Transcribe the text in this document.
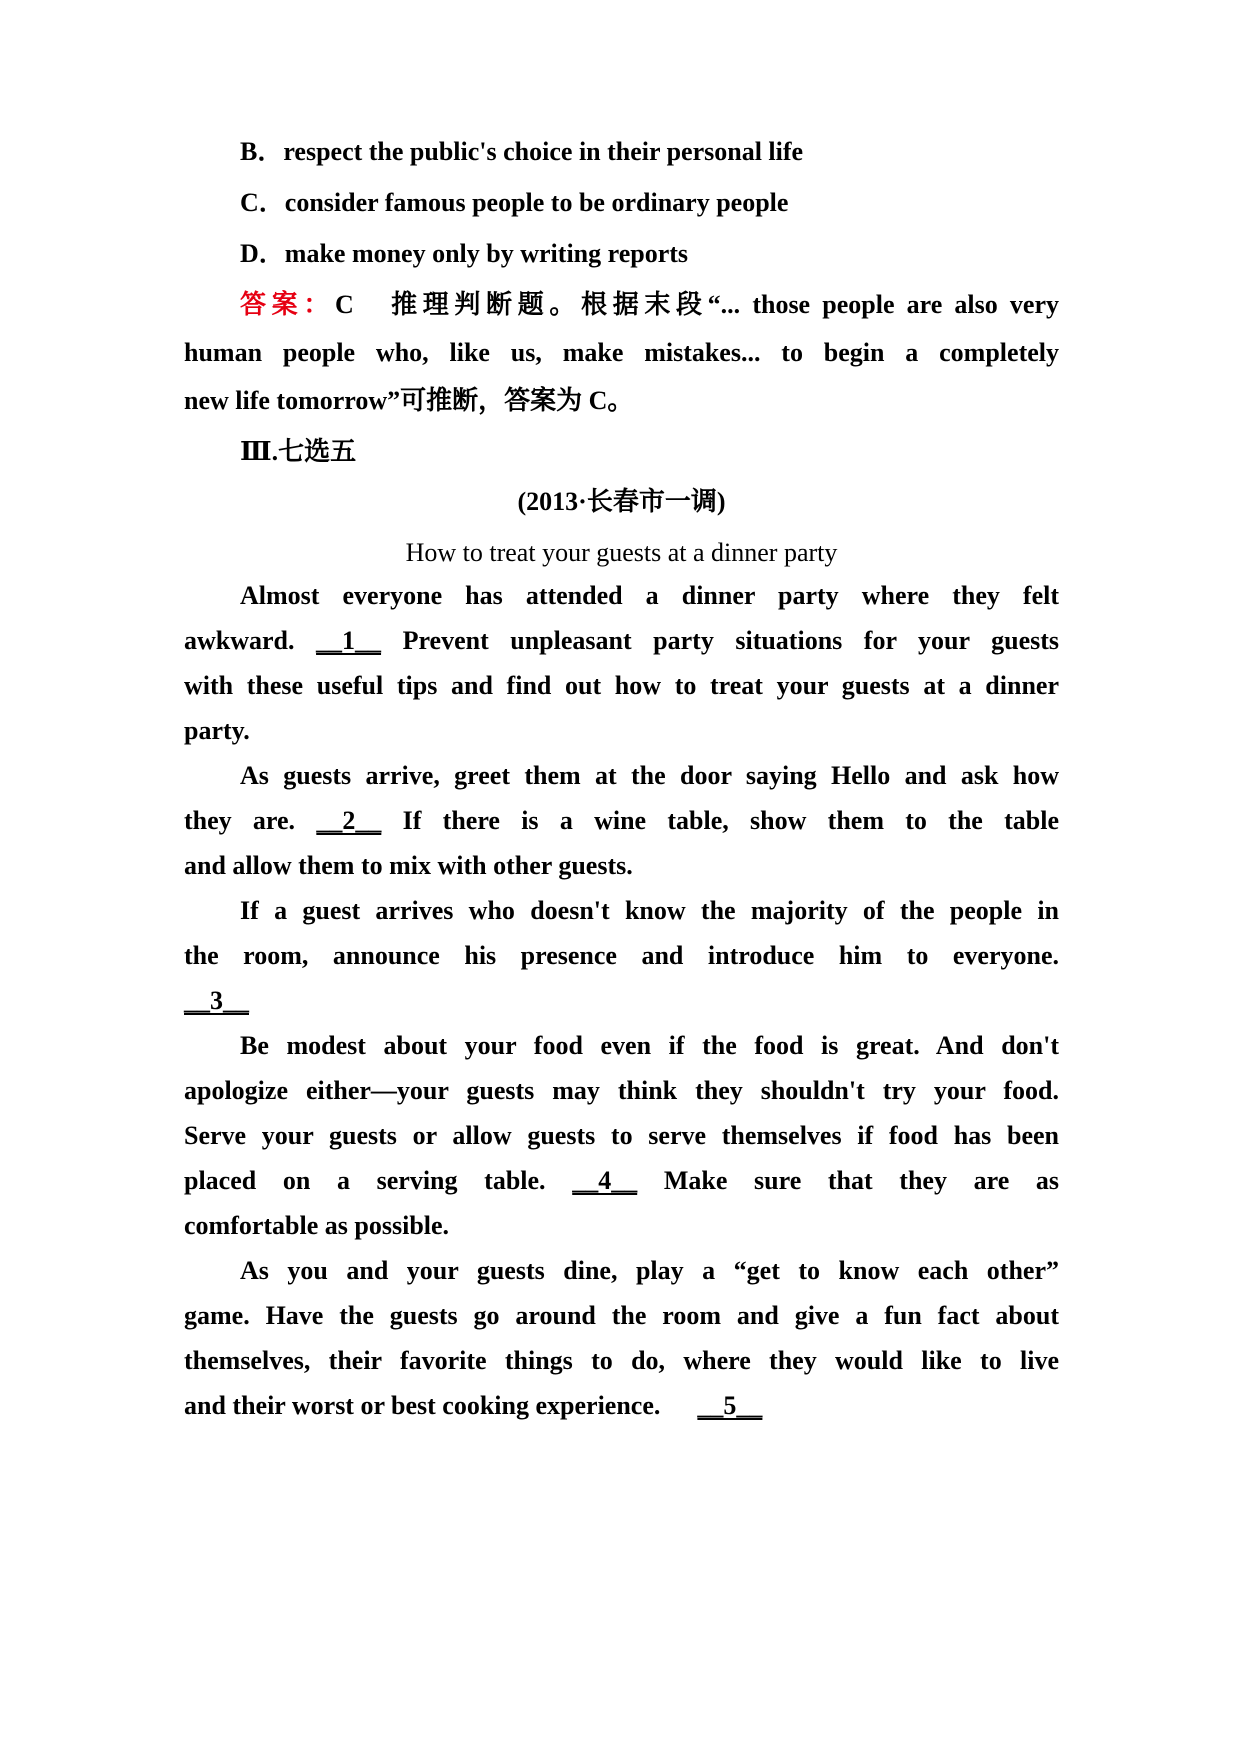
B．respect the public's choice in their personal life
C．consider famous people to be ordinary people
D．make money only by writing reports
答案：C　推理判断题。根据末段“... those people are also very
human people who, like us, make mistakes... to begin a completely
new life tomorrow”可推断，答案为 C。
Ⅲ.七选五
(2013·长春市一调)
How to treat your guests at a dinner party
Almost everyone has attended a dinner party where they felt
awkward. __1__ Prevent unpleasant party situations for your guests
with these useful tips and find out how to treat your guests at a dinner
party.
As guests arrive, greet them at the door saying Hello and ask how
they are. __2__ If there is a wine table, show them to the table
and allow them to mix with other guests.
If a guest arrives who doesn't know the majority of the people in
the room, announce his presence and introduce him to everyone.
__3__
Be modest about your food even if the food is great. And don't
apologize either—your guests may think they shouldn't try your food.
Serve your guests or allow guests to serve themselves if food has been
placed on a serving table. __4__ Make sure that they are as
comfortable as possible.
As you and your guests dine, play a “get to know each other”
game. Have the guests go around the room and give a fun fact about
themselves, their favorite things to do, where they would like to live
and their worst or best cooking experience. __5__
